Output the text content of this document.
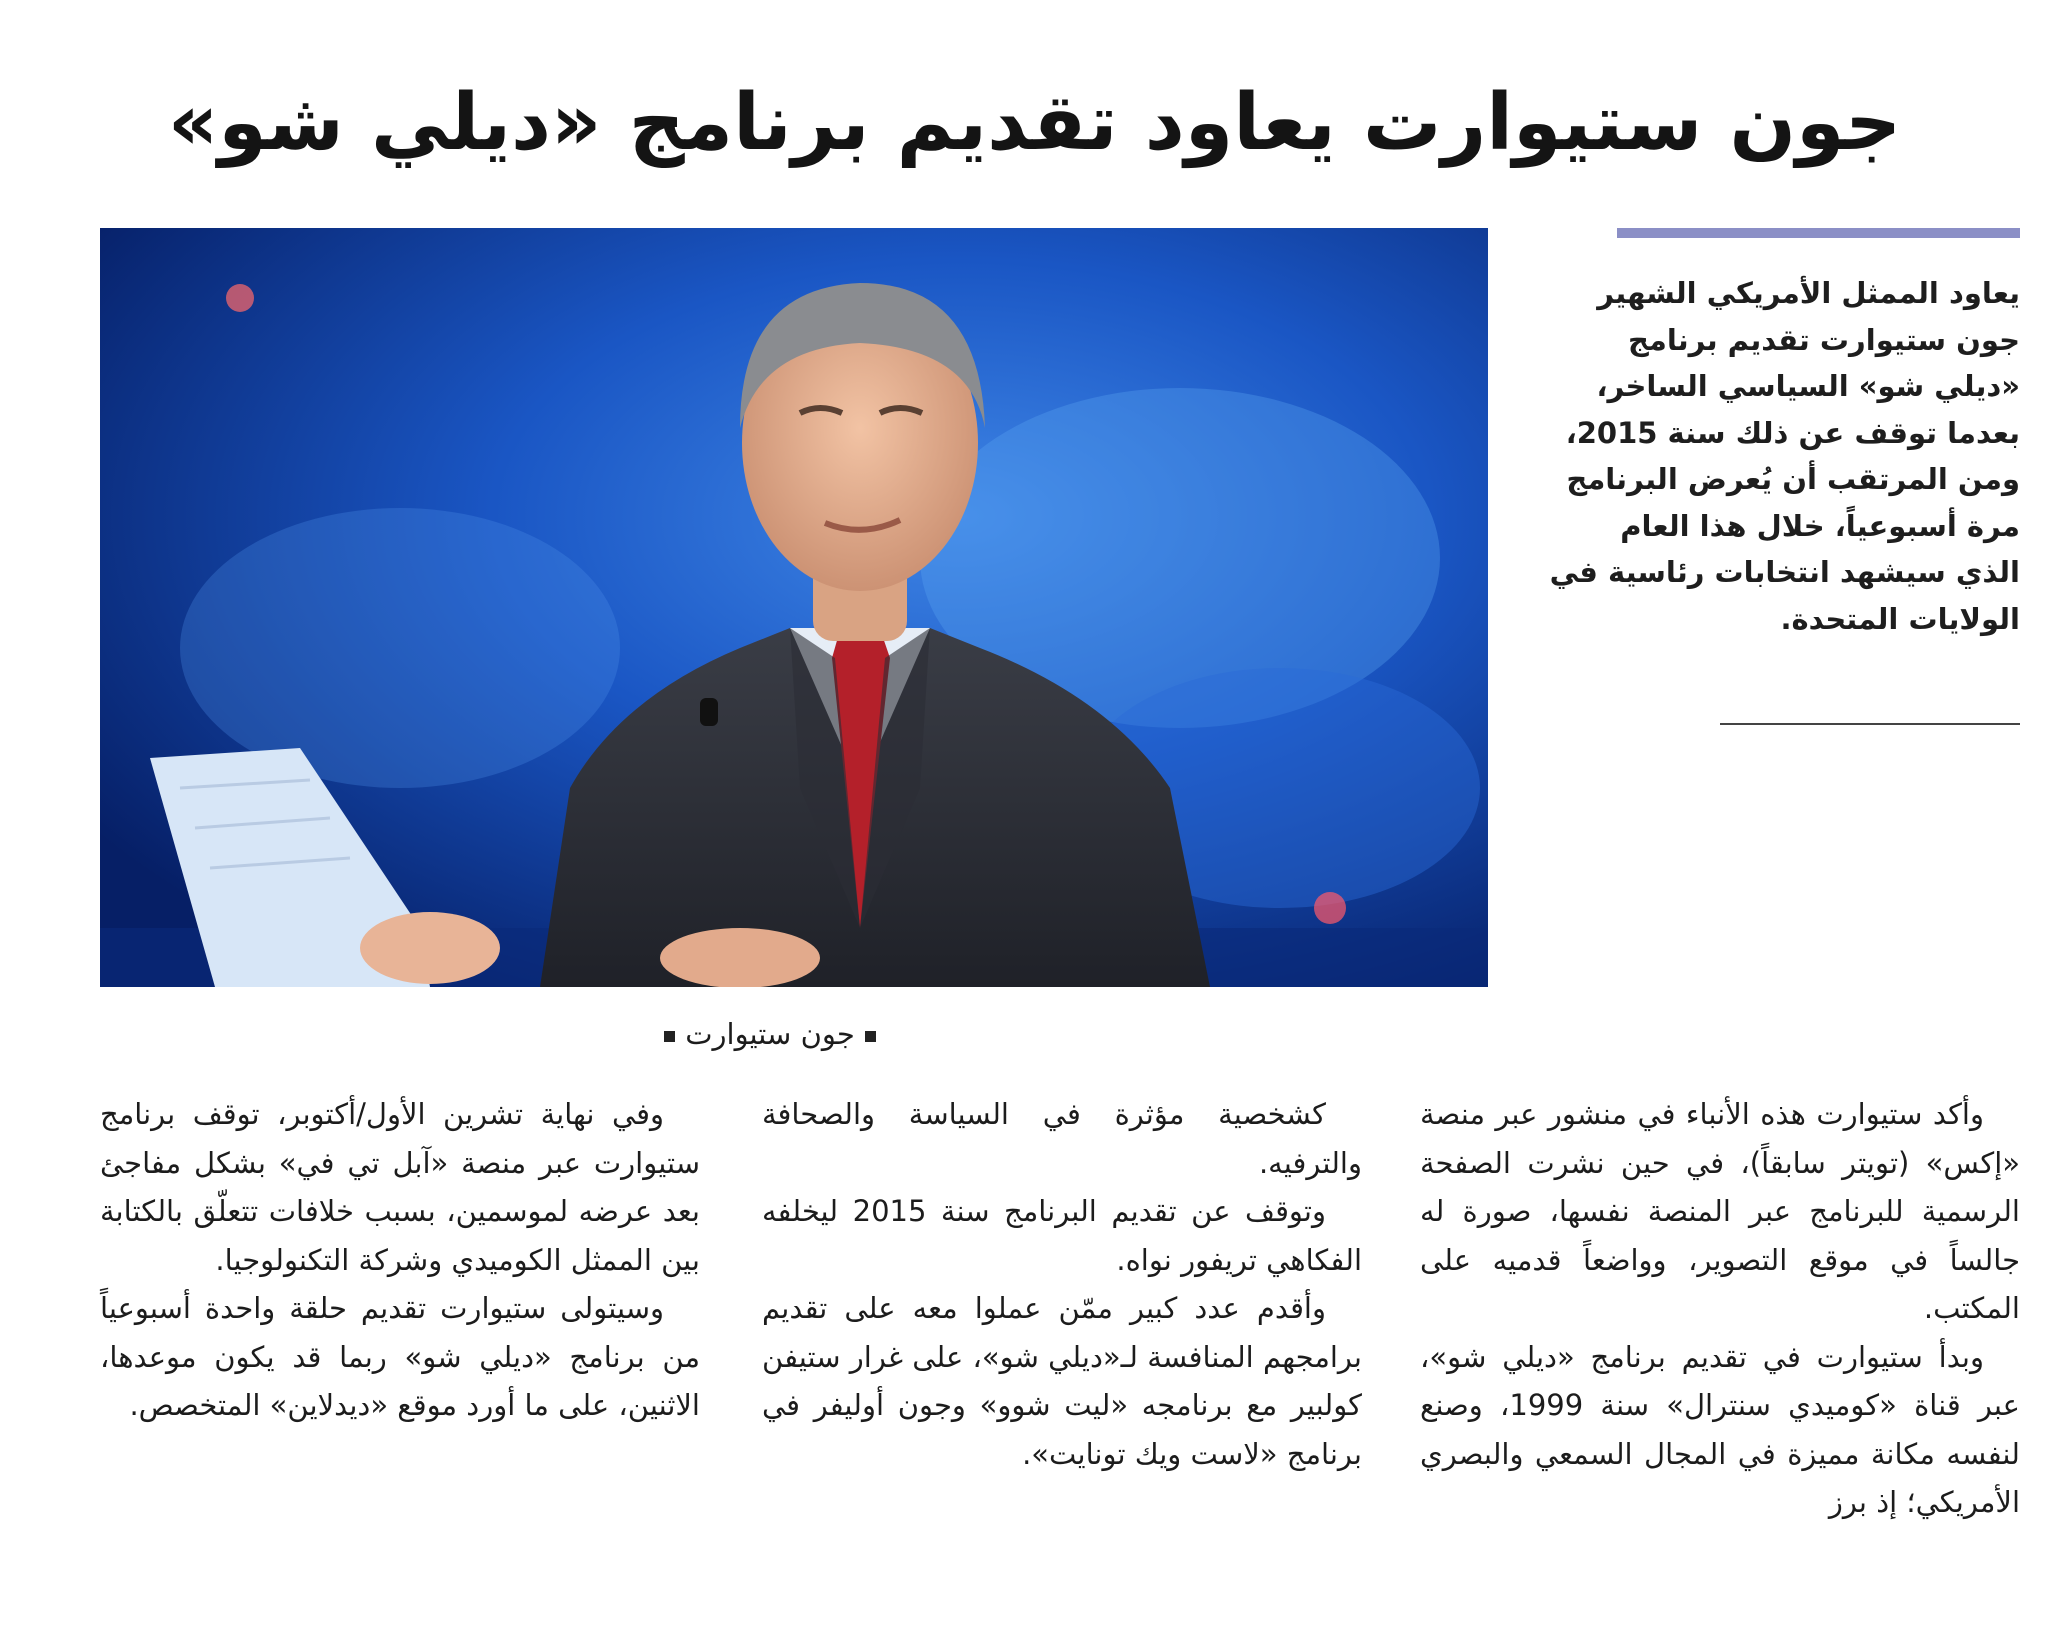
جون ستيوارت يعاود تقديم برنامج «ديلي شو»
جون ستيوارت

يعاود الممثل الأمريكي الشهير جون ستيوارت تقديم برنامج «ديلي شو» السياسي الساخر، بعدما توقف عن ذلك سنة 2015، ومن المرتقب أن يُعرض البرنامج مرة أسبوعياً، خلال هذا العام الذي سيشهد انتخابات رئاسية في الولايات المتحدة.

وأكد ستيوارت هذه الأنباء في منشور عبر منصة «إكس» (تويتر سابقاً)، في حين نشرت الصفحة الرسمية للبرنامج عبر المنصة نفسها، صورة له جالساً في موقع التصوير، وواضعاً قدميه على المكتب.

وبدأ ستيوارت في تقديم برنامج «ديلي شو»، عبر قناة «كوميدي سنترال» سنة 1999، وصنع لنفسه مكانة مميزة في المجال السمعي والبصري الأمريكي؛ إذ برز

كشخصية مؤثرة في السياسة والصحافة والترفيه.

وتوقف عن تقديم البرنامج سنة 2015 ليخلفه الفكاهي تريفور نواه.

وأقدم عدد كبير ممّن عملوا معه على تقديم برامجهم المنافسة لـ«ديلي شو»، على غرار ستيفن كولبير مع برنامجه «ليت شوو» وجون أوليفر في برنامج «لاست ويك تونايت».

وفي نهاية تشرين الأول/أكتوبر، توقف برنامج ستيوارت عبر منصة «آبل تي في» بشكل مفاجئ بعد عرضه لموسمين، بسبب خلافات تتعلّق بالكتابة بين الممثل الكوميدي وشركة التكنولوجيا.

وسيتولى ستيوارت تقديم حلقة واحدة أسبوعياً من برنامج «ديلي شو» ربما قد يكون موعدها، الاثنين، على ما أورد موقع «ديدلاين» المتخصص.
